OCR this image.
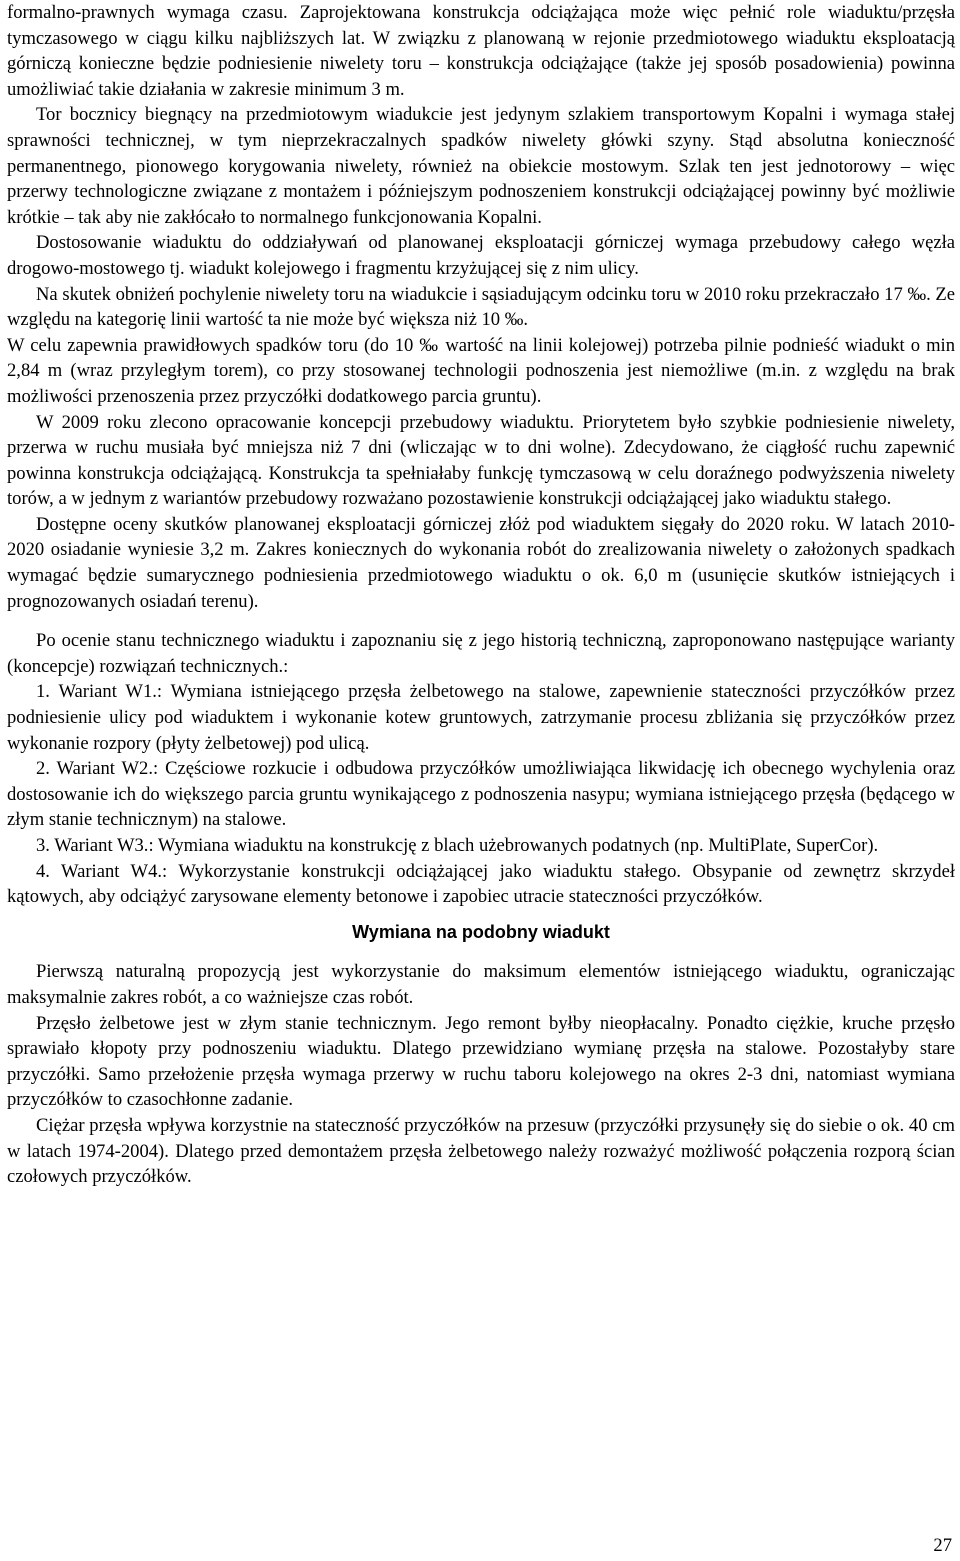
formalno-prawnych wymaga czasu. Zaprojektowana konstrukcja odciążająca może więc pełnić role wiaduktu/przęsła tymczasowego w ciągu kilku najbliższych lat. W związku z planowaną w rejonie przedmiotowego wiaduktu eksploatacją górniczą konieczne będzie podniesienie niwelety toru – konstrukcja odciążające (także jej sposób posadowienia) powinna umożliwiać takie działania w zakresie minimum 3 m.

Tor bocznicy biegnący na przedmiotowym wiadukcie jest jedynym szlakiem transportowym Kopalni i wymaga stałej sprawności technicznej, w tym nieprzekraczalnych spadków niwelety główki szyny. Stąd absolutna konieczność permanentnego, pionowego korygowania niwelety, również na obiekcie mostowym. Szlak ten jest jednotorowy – więc przerwy technologiczne związane z montażem i późniejszym podnoszeniem konstrukcji odciążającej powinny być możliwie krótkie – tak aby nie zakłócało to normalnego funkcjonowania Kopalni.

Dostosowanie wiaduktu do oddziaływań od planowanej eksploatacji górniczej wymaga przebudowy całego węzła drogowo-mostowego tj. wiadukt kolejowego i fragmentu krzyżującej się z nim ulicy.

Na skutek obniżeń pochylenie niwelety toru na wiadukcie i sąsiadującym odcinku toru w 2010 roku przekraczało 17 ‰. Ze względu na kategorię linii wartość ta nie może być większa niż 10 ‰.

W celu zapewnia prawidłowych spadków toru (do 10 ‰ wartość na linii kolejowej) potrzeba pilnie podnieść wiadukt o min 2,84 m (wraz przyległym torem), co przy stosowanej technologii podnoszenia jest niemożliwe (m.in. z względu na brak możliwości przenoszenia przez przyczółki dodatkowego parcia gruntu).

W 2009 roku zlecono opracowanie koncepcji przebudowy wiaduktu. Priorytetem było szybkie podniesienie niwelety, przerwa w ruchu musiała być mniejsza niż 7 dni (wliczając w to dni wolne). Zdecydowano, że ciągłość ruchu zapewnić powinna konstrukcja odciążającą. Konstrukcja ta spełniałaby funkcję tymczasową w celu doraźnego podwyższenia niwelety torów, a w jednym z wariantów przebudowy rozważano pozostawienie konstrukcji odciążającej jako wiaduktu stałego.

Dostępne oceny skutków planowanej eksploatacji górniczej złóż pod wiaduktem sięgały do 2020 roku. W latach 2010-2020 osiadanie wyniesie 3,2 m. Zakres koniecznych do wykonania robót do zrealizowania niwelety o założonych spadkach wymagać będzie sumarycznego podniesienia przedmiotowego wiaduktu o ok. 6,0 m (usunięcie skutków istniejących i prognozowanych osiadań terenu).

Po ocenie stanu technicznego wiaduktu i zapoznaniu się z jego historią techniczną, zaproponowano następujące warianty (koncepcje) rozwiązań technicznych.:

1. Wariant W1.: Wymiana istniejącego przęsła żelbetowego na stalowe, zapewnienie stateczności przyczółków przez podniesienie ulicy pod wiaduktem i wykonanie kotew gruntowych, zatrzymanie procesu zbliżania się przyczółków przez wykonanie rozpory (płyty żelbetowej) pod ulicą.

2. Wariant W2.: Częściowe rozkucie i odbudowa przyczółków umożliwiająca likwidację ich obecnego wychylenia oraz dostosowanie ich do większego parcia gruntu wynikającego z podnoszenia nasypu; wymiana istniejącego przęsła (będącego w złym stanie technicznym) na stalowe.

3. Wariant W3.: Wymiana wiaduktu na konstrukcję z blach użebrowanych podatnych (np. MultiPlate, SuperCor).

4. Wariant W4.: Wykorzystanie konstrukcji odciążającej jako wiaduktu stałego. Obsypanie od zewnętrz skrzydeł kątowych, aby odciążyć zarysowane elementy betonowe i zapobiec utracie stateczności przyczółków.

Wymiana na podobny wiadukt

Pierwszą naturalną propozycją jest wykorzystanie do maksimum elementów istniejącego wiaduktu, ograniczając maksymalnie zakres robót, a co ważniejsze czas robót.

Przęsło żelbetowe jest w złym stanie technicznym. Jego remont byłby nieopłacalny. Ponadto ciężkie, kruche przęsło sprawiało kłopoty przy podnoszeniu wiaduktu. Dlatego przewidziano wymianę przęsła na stalowe. Pozostałyby stare przyczółki. Samo przełożenie przęsła wymaga przerwy w ruchu taboru kolejowego na okres 2-3 dni, natomiast wymiana przyczółków to czasochłonne zadanie.

Ciężar przęsła wpływa korzystnie na stateczność przyczółków na przesuw (przyczółki przysunęły się do siebie o ok. 40 cm w latach 1974-2004). Dlatego przed demontażem przęsła żelbetowego należy rozważyć możliwość połączenia rozporą ścian czołowych przyczółków.

27
